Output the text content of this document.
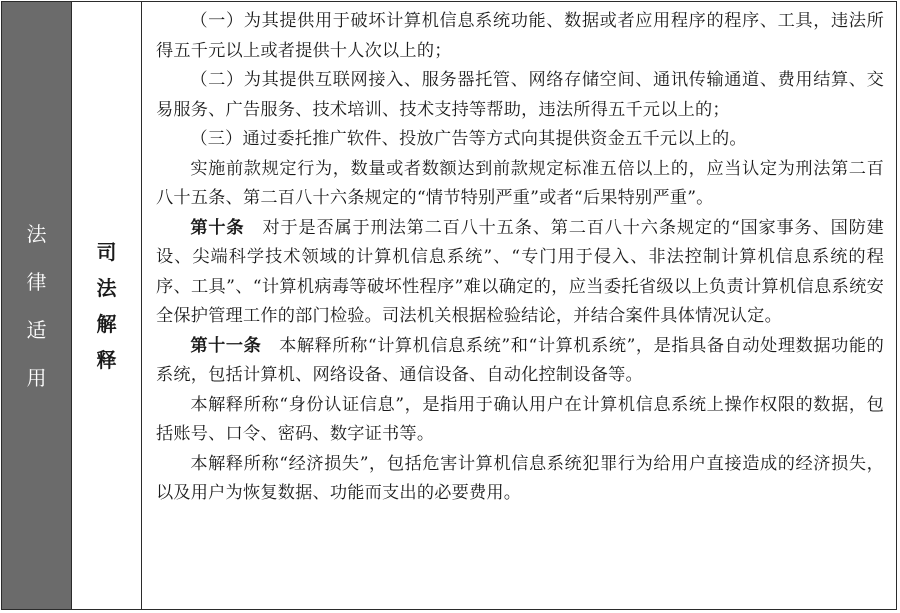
法
律
适
用
司
法
解
释

（一）为其提供用于破坏计算机信息系统功能、数据或者应用程序的程序、工具，违法所得五千元以上或者提供十人次以上的；

（二）为其提供互联网接入、服务器托管、网络存储空间、通讯传输通道、费用结算、交易服务、广告服务、技术培训、技术支持等帮助，违法所得五千元以上的；

（三）通过委托推广软件、投放广告等方式向其提供资金五千元以上的。

实施前款规定行为，数量或者数额达到前款规定标准五倍以上的，应当认定为刑法第二百八十五条、第二百八十六条规定的“情节特别严重”或者“后果特别严重”。

第十条　对于是否属于刑法第二百八十五条、第二百八十六条规定的“国家事务、国防建设、尖端科学技术领域的计算机信息系统”、“专门用于侵入、非法控制计算机信息系统的程序、工具”、“计算机病毒等破坏性程序”难以确定的，应当委托省级以上负责计算机信息系统安全保护管理工作的部门检验。司法机关根据检验结论，并结合案件具体情况认定。

第十一条　本解释所称“计算机信息系统”和“计算机系统”，是指具备自动处理数据功能的系统，包括计算机、网络设备、通信设备、自动化控制设备等。

本解释所称“身份认证信息”，是指用于确认用户在计算机信息系统上操作权限的数据，包括账号、口令、密码、数字证书等。

本解释所称“经济损失”，包括危害计算机信息系统犯罪行为给用户直接造成的经济损失，以及用户为恢复数据、功能而支出的必要费用。
